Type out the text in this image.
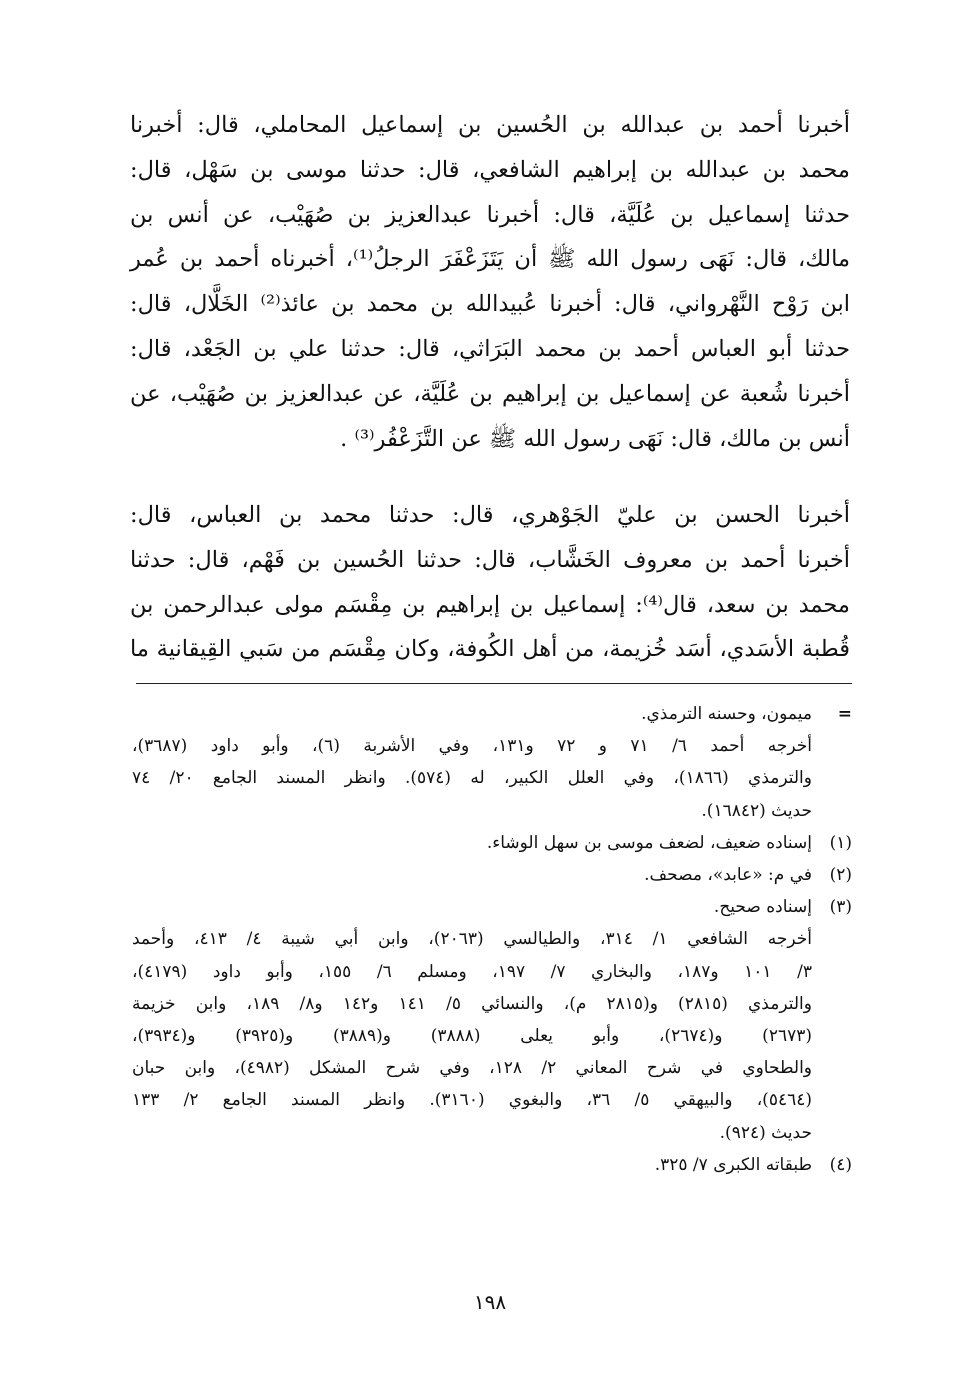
أخبرنا أحمد بن عبدالله بن الحُسين بن إسماعيل المحاملي، قال: أخبرنا
محمد بن عبدالله بن إبراهيم الشافعي، قال: حدثنا موسى بن سَهْل، قال:
حدثنا إسماعيل بن عُلَيَّة، قال: أخبرنا عبدالعزيز بن صُهَيْب، عن أنس بن
مالك، قال: نَهَى رسول الله ﷺ أن يَتَزَعْفَرَ الرجلُ⁽¹⁾، أخبرناه أحمد بن عُمر
ابن رَوْح النَّهْرواني، قال: أخبرنا عُبيدالله بن محمد بن عائذ⁽²⁾ الخَلَّال، قال:
حدثنا أبو العباس أحمد بن محمد البَرَاثي، قال: حدثنا علي بن الجَعْد، قال:
أخبرنا شُعبة عن إسماعيل بن إبراهيم بن عُلَيَّة، عن عبدالعزيز بن صُهَيْب، عن
أنس بن مالك، قال: نَهَى رسول الله ﷺ عن التَّزَعْفُر⁽³⁾ .

أخبرنا الحسن بن عليّ الجَوْهري، قال: حدثنا محمد بن العباس، قال:
أخبرنا أحمد بن معروف الخَشَّاب، قال: حدثنا الحُسين بن فَهْم، قال: حدثنا
محمد بن سعد، قال⁽⁴⁾: إسماعيل بن إبراهيم بن مِقْسَم مولى عبدالرحمن بن
قُطبة الأسَدي، أسَد خُزيمة، من أهل الكُوفة، وكان مِقْسَم من سَبي القِيقانية ما

=
ميمون، وحسنه الترمذي.
أخرجه أحمد ٦/ ٧١ و ٧٢ و١٣١، وفي الأشربة (٦)، وأبو داود (٣٦٨٧)،
والترمذي (١٨٦٦)، وفي العلل الكبير، له (٥٧٤). وانظر المسند الجامع ٢٠/ ٧٤
حديث (١٦٨٤٢).
(١)
إسناده ضعيف، لضعف موسى بن سهل الوشاء.
(٢)
في م: «عابد»، مصحف.
(٣)
إسناده صحيح.
أخرجه الشافعي ١/ ٣١٤، والطيالسي (٢٠٦٣)، وابن أبي شيبة ٤/ ٤١٣، وأحمد
٣/ ١٠١ و١٨٧، والبخاري ٧/ ١٩٧، ومسلم ٦/ ١٥٥، وأبو داود (٤١٧٩)،
والترمذي (٢٨١٥) و(٢٨١٥ م)، والنسائي ٥/ ١٤١ و١٤٢ و٨/ ١٨٩، وابن خزيمة
(٢٦٧٣) و(٢٦٧٤)، وأبو يعلى (٣٨٨٨) و(٣٨٨٩) و(٣٩٢٥) و(٣٩٣٤)،
والطحاوي في شرح المعاني ٢/ ١٢٨، وفي شرح المشكل (٤٩٨٢)، وابن حبان
(٥٤٦٤)، والبيهقي ٥/ ٣٦، والبغوي (٣١٦٠). وانظر المسند الجامع ٢/ ١٣٣
حديث (٩٢٤).
(٤)
طبقاته الكبرى ٧/ ٣٢٥.
١٩٨
